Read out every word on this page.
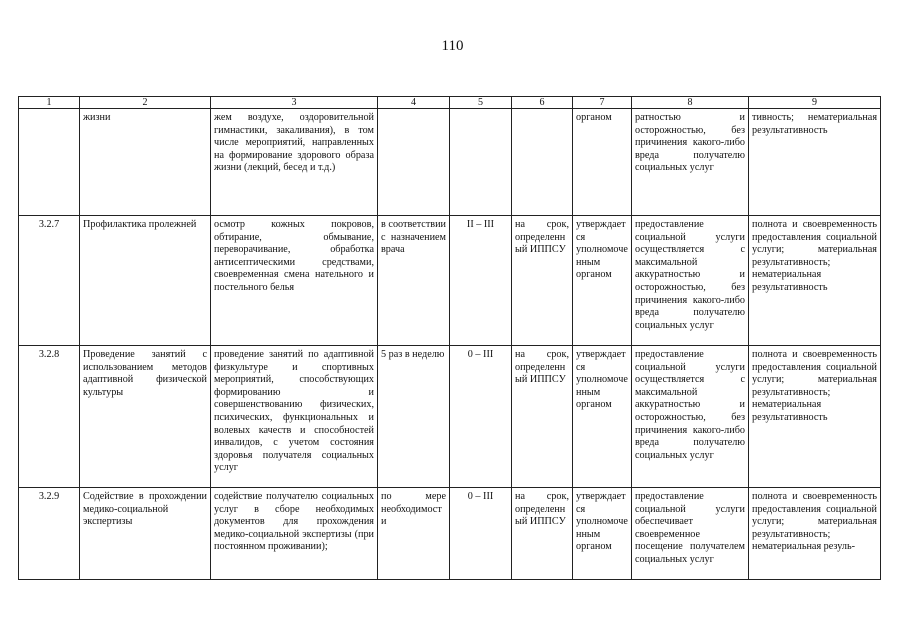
110
1	2	3	4	5	6	7	8	9
	жизни	жем воздухе, оздоровительной гимнастики, закаливания), в том числе мероприятий, направленных на формирование здорового образа жизни (лекций, бесед и т.д.)				органом	ратностью и осторожностью, без причинения какого-либо вреда получателю социальных услуг	тивность; нематериальная результативность
3.2.7	Профилактика пролежней	осмотр кожных покровов, обтирание, обмывание, переворачивание, обработка антисептическими средствами, своевременная смена нательного и постельного белья	в соответствии с назначением врача	II – III	на срок, определенный ИППСУ	утверждается уполномоченным органом	предоставление социальной услуги осуществляется с максимальной аккуратностью и осторожностью, без причинения какого-либо вреда получателю социальных услуг	полнота и своевременность предоставления социальной услуги; материальная результативность; нематериальная результативность
3.2.8	Проведение занятий с использованием методов адаптивной физической культуры	проведение занятий по адаптивной физкультуре и спортивных мероприятий, способствующих формированию и совершенствованию физических, психических, функциональных и волевых качеств и способностей инвалидов, с учетом состояния здоровья получателя социальных услуг	5 раз в неделю	0 – III	на срок, определенный ИППСУ	утверждается уполномоченным органом	предоставление социальной услуги осуществляется с максимальной аккуратностью и осторожностью, без причинения какого-либо вреда получателю социальных услуг	полнота и своевременность предоставления социальной услуги; материальная результативность; нематериальная результативность
3.2.9	Содействие в прохождении медико-социальной экспертизы	содействие получателю социальных услуг в сборе необходимых документов для прохождения медико-социальной экспертизы (при постоянном проживании);	по мере необходимости	0 – III	на срок, определенный ИППСУ	утверждается уполномоченным органом	предоставление социальной услуги обеспечивает своевременное посещение получателем социальных услуг	полнота и своевременность предоставления социальной услуги; материальная результативность; нематериальная резуль-
